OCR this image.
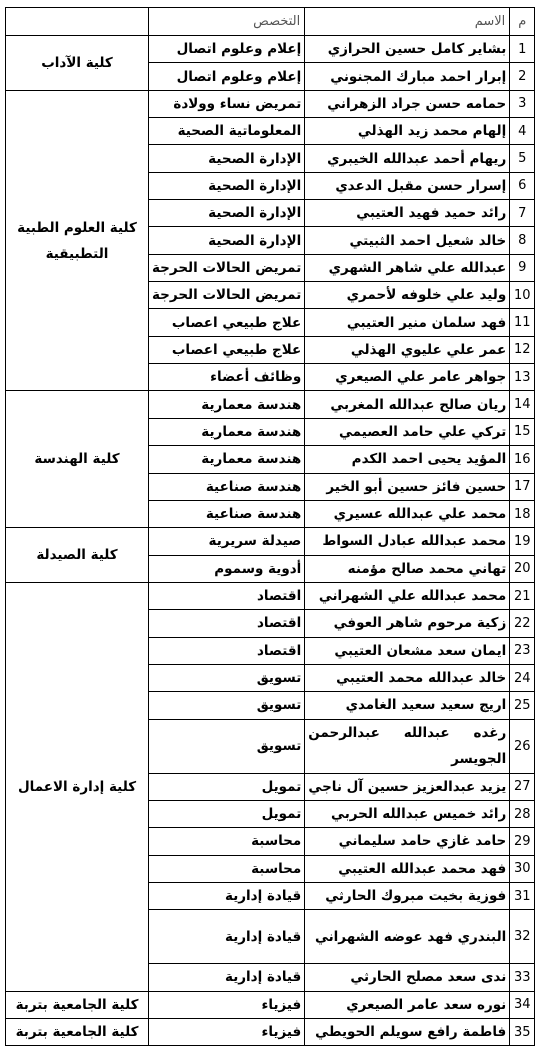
م	الاسم	التخصص	
1	بشاير كامل حسين الحرازي	إعلام وعلوم اتصال	كلية الآداب
2	إبرار احمد مبارك المجنوني	إعلام وعلوم اتصال	
3	حمامه حسن جراد الزهراني	تمريض نساء وولادة	كلية العلوم الطبية التطبيقية
4	إلهام محمد زيد الهذلي	المعلوماتية الصحية	
5	ريهام أحمد عبدالله الخيبري	الإدارة الصحية	
6	إسرار حسن مقبل الدعدي	الإدارة الصحية	
7	رائد حميد فهيد العتيبي	الإدارة الصحية	
8	خالد شعيل احمد الثبيتي	الإدارة الصحية	
9	عبدالله علي شاهر الشهري	تمريض الحالات الحرجة	
10	وليد علي خلوفه لأحمري	تمريض الحالات الحرجة	
11	فهد سلمان منير العتيبي	علاج طبيعي اعصاب	
12	عمر علي عليوي الهذلي	علاج طبيعي اعصاب	
13	جواهر عامر علي الصيعري	وظائف أعضاء	
14	ريان صالح عبدالله المغربي	هندسة معمارية	كلية الهندسة
15	تركي علي حامد العصيمي	هندسة معمارية	
16	المؤيد يحيى احمد الكدم	هندسة معمارية	
17	حسين فائز حسين أبو الخير	هندسة صناعية	
18	محمد علي عبدالله عسيري	هندسة صناعية	
19	محمد عبدالله عبادل السواط	صيدلة سريرية	كلية الصيدلة
20	تهاني محمد صالح مؤمنه	أدوية وسموم	
21	محمد عبدالله علي الشهراني	اقتصاد	كلية إدارة الاعمال
22	زكية مرحوم شاهر العوفي	اقتصاد	
23	ايمان سعد مشعان العتيبي	اقتصاد	
24	خالد عبدالله محمد العتيبي	تسويق	
25	اريج سعيد سعيد الغامدي	تسويق	
26	رغده عبدالله عبدالرحمن الجويسر	تسويق	
27	يزيد عبدالعزيز حسين آل ناجي	تمويل	
28	رائد خميس عبدالله الحربي	تمويل	
29	حامد غازي حامد سليماني	محاسبة	
30	فهد محمد عبدالله العتيبي	محاسبة	
31	فوزية بخيت مبروك الحارثي	قيادة إدارية	
32	البندري فهد عوضه الشهراني	قيادة إدارية	
33	ندى سعد مصلح الحارثي	قيادة إدارية	
34	نوره سعد عامر الصيعري	فيزياء	كلية الجامعية بتربة
35	فاطمة رافع سويلم الحويطي	فيزياء	كلية الجامعية بتربة
